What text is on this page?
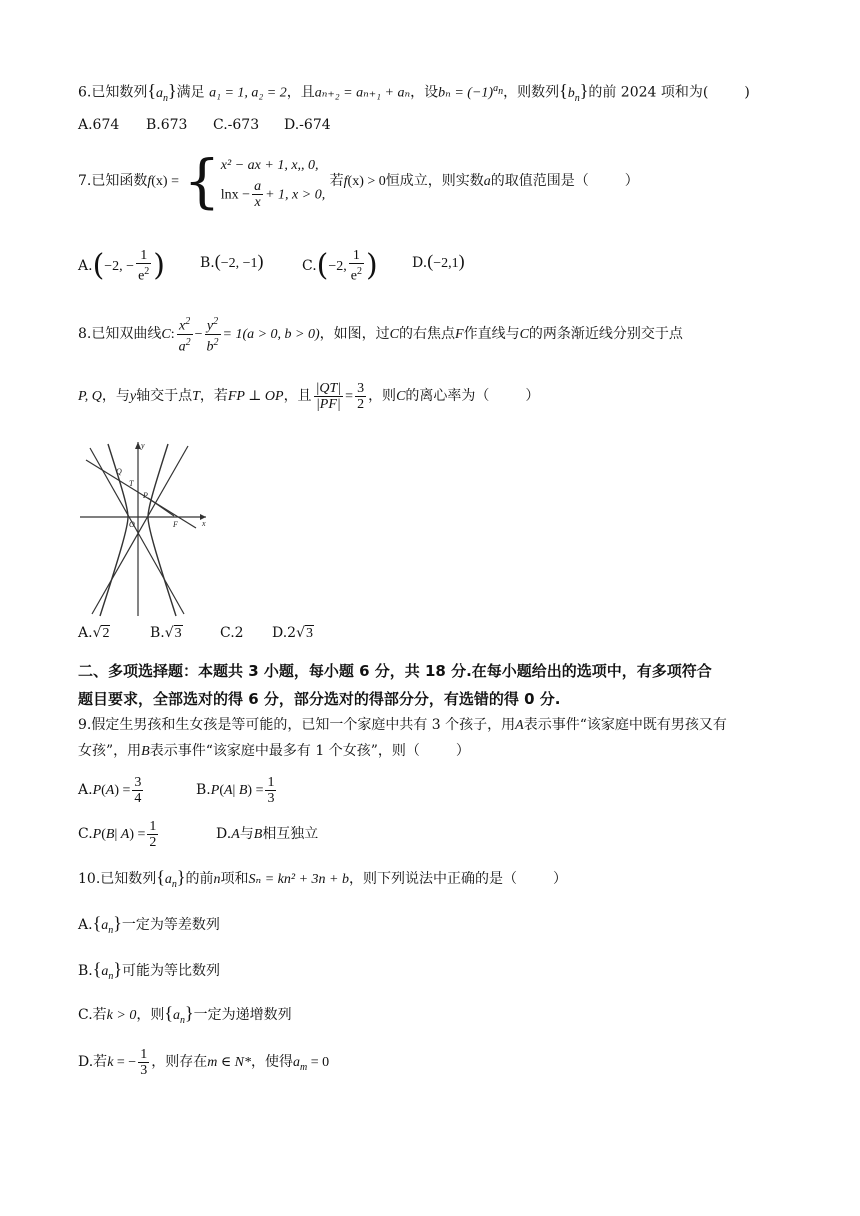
6.已知数列$\{a_n\}$满足 a₁ = 1, a₂ = 2，且aₙ₊₂ = aₙ₊₁ + aₙ，设$b_n = (-1)^{a_n}$，则数列$\{b_n\}$的前 2024 项和为(	)
A.674 B.673 C.-673 D.-674
7.已知函数f(x) = { x² − ax + 1, x,, 0,
$\ln x - \frac{a}{x} + 1$, x > 0,
若f(x) > 0恒成立，则实数a的取值范围是（	）
A.(−2, − $\frac{1}{e^2}$ ) B.(−2, −1)	C.(−2, $\frac{1}{e^2}$ ) D.(−2,1)
8.已知双曲线C: $\frac{x^2}{a^2} - \frac{y^2}{b^2} = 1(a > 0$, b > 0)，如图，过C的右焦点F作直线与C的两条渐近线分别交于点
P, Q，与y轴交于点T，若FP ⊥ OP，且 $\frac{|QT|}{|PF|} = \frac{3}{2}$ ，则C的离心率为（	）
y
x
Q
T
P
O	F
A.√2	B.√3	C.2 D.2√3
二、多项选择题：本题共 3 小题，每小题 6 分，共 18 分.在每小题给出的选项中，有多项符合
题目要求，全部选对的得 6 分，部分选对的得部分分，有选错的得 0 分.
9.假定生男孩和生女孩是等可能的，已知一个家庭中共有 3 个孩子，用A表示事件“该家庭中既有男孩又有
女孩”，用B表示事件“该家庭中最多有 1 个女孩”，则（	）
$A.P(A) = \frac{3}{4}$	B.P(A| $B) = \frac{1}{3}$
C.P(B| $A) = \frac{1}{2}$	D.A与B相互独立
10.已知数列$\{a_n\}$的前n项和Sₙ = kn² + 3n + b，则下列说法中正确的是（	）
$A.\{a_n\}$一定为等差数列
$B.\{a_n\}$可能为等比数列
C.若k > 0，则$\{a_n\}$一定为递增数列
D.若k = − $\frac{1}{3}$ ，则存在m ∈ N*，使得$a_m = 0$
